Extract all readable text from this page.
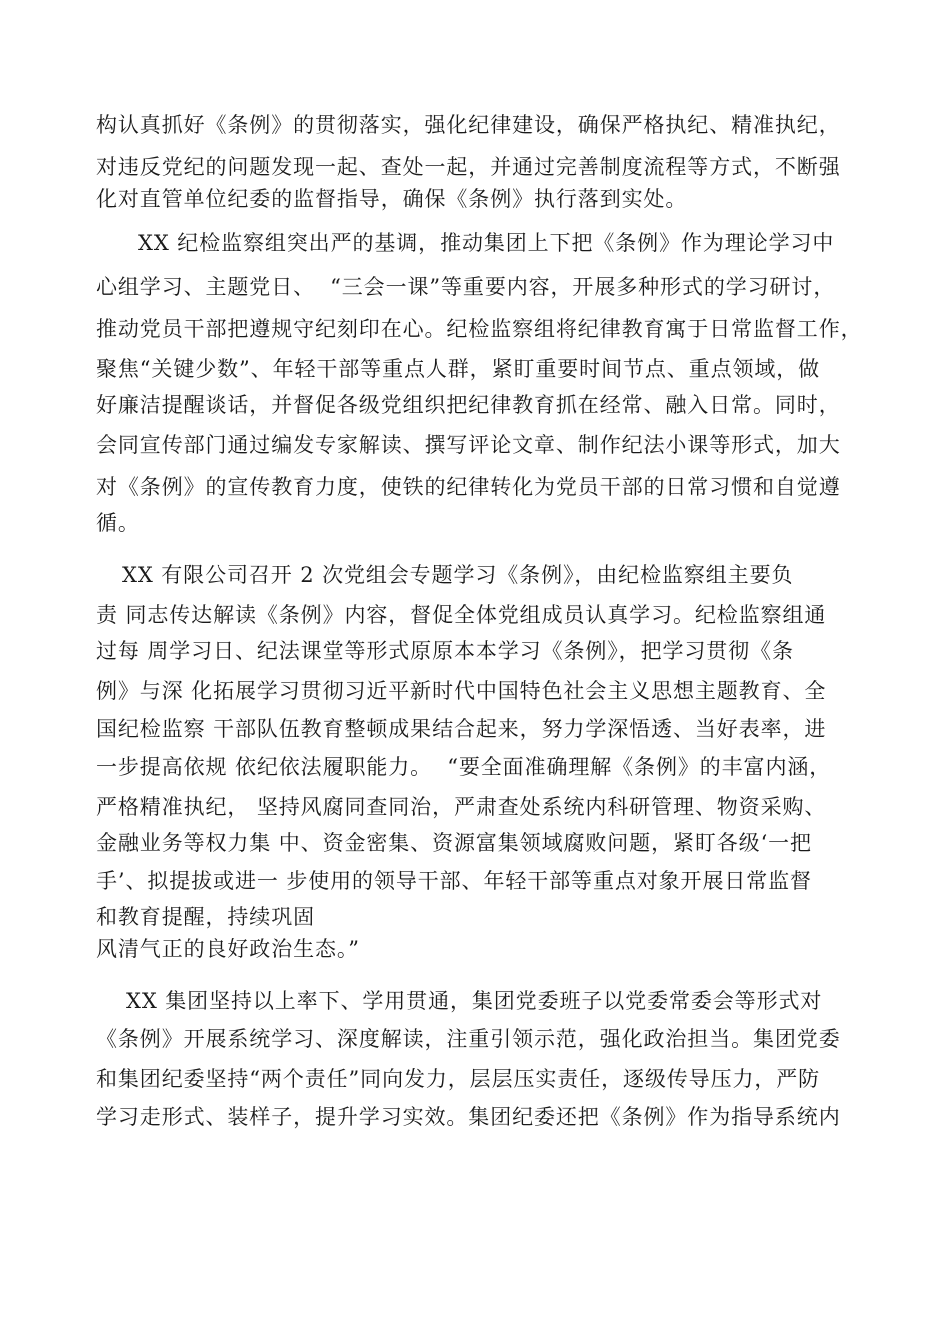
构认真抓好《条例》的贯彻落实，强化纪律建设，确保严格执纪、精准执纪，
对违反党纪的问题发现一起、查处一起，并通过完善制度流程等方式，不断强
化对直管单位纪委的监督指导，确保《条例》执行落到实处。
XX 纪检监察组突出严的基调，推动集团上下把《条例》作为理论学习中
心组学习、主题党日、  “三会一课”等重要内容，开展多种形式的学习研讨，
推动党员干部把遵规守纪刻印在心。纪检监察组将纪律教育寓于日常监督工作，
聚焦“关键少数”、年轻干部等重点人群，紧盯重要时间节点、重点领域，做
好廉洁提醒谈话，并督促各级党组织把纪律教育抓在经常、融入日常。同时，
会同宣传部门通过编发专家解读、撰写评论文章、制作纪法小课等形式，加大
对《条例》的宣传教育力度，使铁的纪律转化为党员干部的日常习惯和自觉遵
循。
XX 有限公司召开 2 次党组会专题学习《条例》，由纪检监察组主要负
责 同志传达解读《条例》内容，督促全体党组成员认真学习。纪检监察组通
过每 周学习日、纪法课堂等形式原原本本学习《条例》，把学习贯彻《条
例》与深 化拓展学习贯彻习近平新时代中国特色社会主义思想主题教育、全
国纪检监察 干部队伍教育整顿成果结合起来，努力学深悟透、当好表率，进
一步提高依规 依纪依法履职能力。  “要全面准确理解《条例》的丰富内涵，
严格精准执纪， 坚持风腐同查同治，严肃查处系统内科研管理、物资采购、
金融业务等权力集 中、资金密集、资源富集领域腐败问题，紧盯各级‘一把
手’、拟提拔或进一 步使用的领导干部、年轻干部等重点对象开展日常监督
和教育提醒，持续巩固
风清气正的良好政治生态。”
XX 集团坚持以上率下、学用贯通，集团党委班子以党委常委会等形式对
《条例》开展系统学习、深度解读，注重引领示范，强化政治担当。集团党委
和集团纪委坚持“两个责任”同向发力，层层压实责任，逐级传导压力，严防
学习走形式、装样子，提升学习实效。集团纪委还把《条例》作为指导系统内
